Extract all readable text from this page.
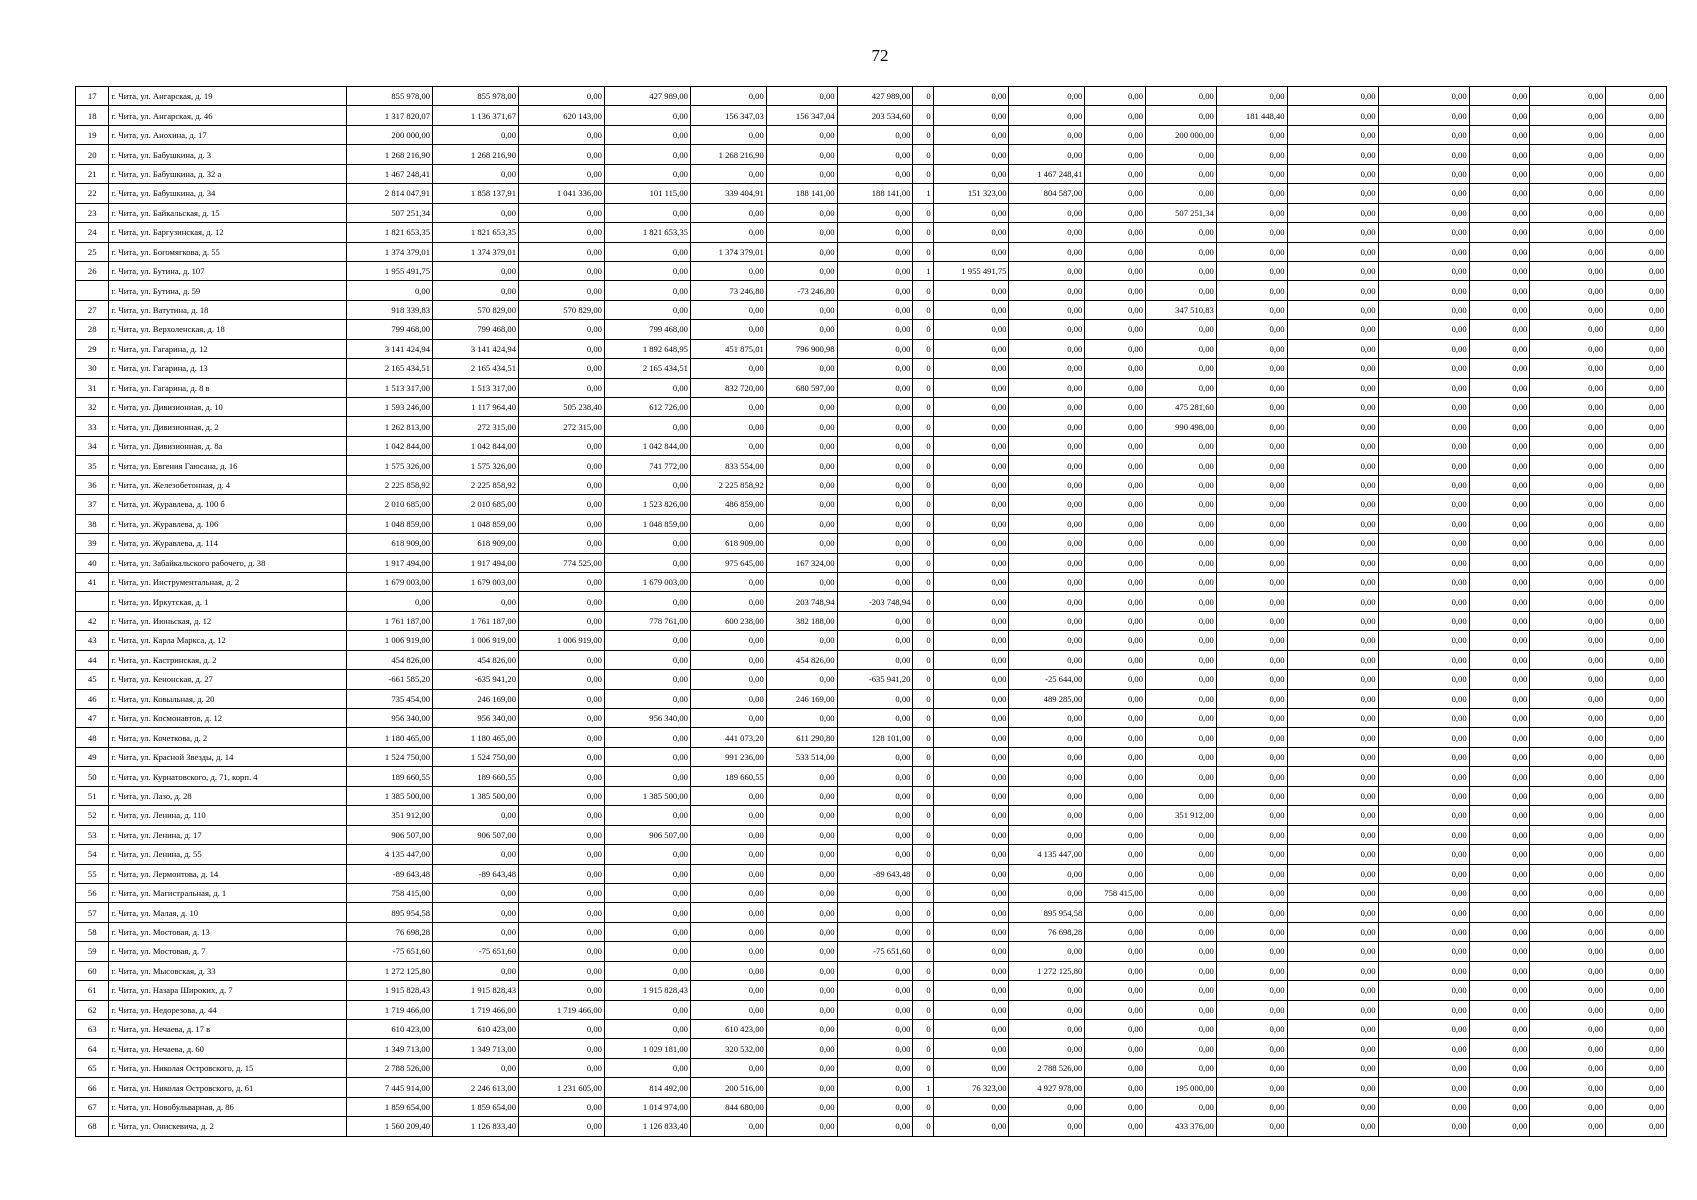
72
17	г. Чита, ул. Ангарская, д. 19	855 978,00	855 978,00	0,00	427 989,00	0,00	0,00	427 989,00	0	0,00	0,00	0,00	0,00	0,00	0,00	0,00	0,00	0,00	0,00
18	г. Чита, ул. Ангарская, д. 46	1 317 820,07	1 136 371,67	620 143,00	0,00	156 347,03	156 347,04	203 534,60	0	0,00	0,00	0,00	0,00	181 448,40	0,00	0,00	0,00	0,00	0,00
19	г. Чита, ул. Анохина, д. 17	200 000,00	0,00	0,00	0,00	0,00	0,00	0,00	0	0,00	0,00	0,00	200 000,00	0,00	0,00	0,00	0,00	0,00	0,00
20	г. Чита, ул. Бабушкина, д. 3	1 268 216,90	1 268 216,90	0,00	0,00	1 268 216,90	0,00	0,00	0	0,00	0,00	0,00	0,00	0,00	0,00	0,00	0,00	0,00	0,00
21	г. Чита, ул. Бабушкина, д. 32 а	1 467 248,41	0,00	0,00	0,00	0,00	0,00	0,00	0	0,00	1 467 248,41	0,00	0,00	0,00	0,00	0,00	0,00	0,00	0,00
22	г. Чита, ул. Бабушкина, д. 34	2 814 047,91	1 858 137,91	1 041 336,00	101 115,00	339 404,91	188 141,00	188 141,00	1	151 323,00	804 587,00	0,00	0,00	0,00	0,00	0,00	0,00	0,00	0,00
23	г. Чита, ул. Байкальская, д. 15	507 251,34	0,00	0,00	0,00	0,00	0,00	0,00	0	0,00	0,00	0,00	507 251,34	0,00	0,00	0,00	0,00	0,00	0,00
24	г. Чита, ул. Баргузинская, д. 12	1 821 653,35	1 821 653,35	0,00	1 821 653,35	0,00	0,00	0,00	0	0,00	0,00	0,00	0,00	0,00	0,00	0,00	0,00	0,00	0,00
25	г. Чита, ул. Богомягкова, д. 55	1 374 379,01	1 374 379,01	0,00	0,00	1 374 379,01	0,00	0,00	0	0,00	0,00	0,00	0,00	0,00	0,00	0,00	0,00	0,00	0,00
26	г. Чита, ул. Бутина, д. 107	1 955 491,75	0,00	0,00	0,00	0,00	0,00	0,00	1	1 955 491,75	0,00	0,00	0,00	0,00	0,00	0,00	0,00	0,00	0,00
	г. Чита, ул. Бутина, д. 59	0,00	0,00	0,00	0,00	73 246,80	-73 246,80	0,00	0	0,00	0,00	0,00	0,00	0,00	0,00	0,00	0,00	0,00	0,00
27	г. Чита, ул. Ватутина, д. 18	918 339,83	570 829,00	570 829,00	0,00	0,00	0,00	0,00	0	0,00	0,00	0,00	347 510,83	0,00	0,00	0,00	0,00	0,00	0,00
28	г. Чита, ул. Верхоленская, д. 18	799 468,00	799 468,00	0,00	799 468,00	0,00	0,00	0,00	0	0,00	0,00	0,00	0,00	0,00	0,00	0,00	0,00	0,00	0,00
29	г. Чита, ул. Гагарина, д. 12	3 141 424,94	3 141 424,94	0,00	1 892 648,95	451 875,01	796 900,98	0,00	0	0,00	0,00	0,00	0,00	0,00	0,00	0,00	0,00	0,00	0,00
30	г. Чита, ул. Гагарина, д. 13	2 165 434,51	2 165 434,51	0,00	2 165 434,51	0,00	0,00	0,00	0	0,00	0,00	0,00	0,00	0,00	0,00	0,00	0,00	0,00	0,00
31	г. Чита, ул. Гагарина, д. 8 в	1 513 317,00	1 513 317,00	0,00	0,00	832 720,00	680 597,00	0,00	0	0,00	0,00	0,00	0,00	0,00	0,00	0,00	0,00	0,00	0,00
32	г. Чита, ул. Дивизионная, д. 10	1 593 246,00	1 117 964,40	505 238,40	612 726,00	0,00	0,00	0,00	0	0,00	0,00	0,00	475 281,60	0,00	0,00	0,00	0,00	0,00	0,00
33	г. Чита, ул. Дивизионная, д. 2	1 262 813,00	272 315,00	272 315,00	0,00	0,00	0,00	0,00	0	0,00	0,00	0,00	990 498,00	0,00	0,00	0,00	0,00	0,00	0,00
34	г. Чита, ул. Дивизионная, д. 8а	1 042 844,00	1 042 844,00	0,00	1 042 844,00	0,00	0,00	0,00	0	0,00	0,00	0,00	0,00	0,00	0,00	0,00	0,00	0,00	0,00
35	г. Чита, ул. Евгения Гаюсана, д. 16	1 575 326,00	1 575 326,00	0,00	741 772,00	833 554,00	0,00	0,00	0	0,00	0,00	0,00	0,00	0,00	0,00	0,00	0,00	0,00	0,00
36	г. Чита, ул. Железобетонная, д. 4	2 225 858,92	2 225 858,92	0,00	0,00	2 225 858,92	0,00	0,00	0	0,00	0,00	0,00	0,00	0,00	0,00	0,00	0,00	0,00	0,00
37	г. Чита, ул. Журавлева, д. 100 б	2 010 685,00	2 010 685,00	0,00	1 523 826,00	486 859,00	0,00	0,00	0	0,00	0,00	0,00	0,00	0,00	0,00	0,00	0,00	0,00	0,00
38	г. Чита, ул. Журавлева, д. 106	1 048 859,00	1 048 859,00	0,00	1 048 859,00	0,00	0,00	0,00	0	0,00	0,00	0,00	0,00	0,00	0,00	0,00	0,00	0,00	0,00
39	г. Чита, ул. Журавлева, д. 114	618 909,00	618 909,00	0,00	0,00	618 909,00	0,00	0,00	0	0,00	0,00	0,00	0,00	0,00	0,00	0,00	0,00	0,00	0,00
40	г. Чита, ул. Забайкальского рабочего, д. 38	1 917 494,00	1 917 494,00	774 525,00	0,00	975 645,00	167 324,00	0,00	0	0,00	0,00	0,00	0,00	0,00	0,00	0,00	0,00	0,00	0,00
41	г. Чита, ул. Инструментальная, д. 2	1 679 003,00	1 679 003,00	0,00	1 679 003,00	0,00	0,00	0,00	0	0,00	0,00	0,00	0,00	0,00	0,00	0,00	0,00	0,00	0,00
	г. Чита, ул. Иркутская, д. 1	0,00	0,00	0,00	0,00	0,00	203 748,94	-203 748,94	0	0,00	0,00	0,00	0,00	0,00	0,00	0,00	0,00	0,00	0,00
42	г. Чита, ул. Июньская, д. 12	1 761 187,00	1 761 187,00	0,00	778 761,00	600 238,00	382 188,00	0,00	0	0,00	0,00	0,00	0,00	0,00	0,00	0,00	0,00	0,00	0,00
43	г. Чита, ул. Карла Маркса, д. 12	1 006 919,00	1 006 919,00	1 006 919,00	0,00	0,00	0,00	0,00	0	0,00	0,00	0,00	0,00	0,00	0,00	0,00	0,00	0,00	0,00
44	г. Чита, ул. Кастринская, д. 2	454 826,00	454 826,00	0,00	0,00	0,00	454 826,00	0,00	0	0,00	0,00	0,00	0,00	0,00	0,00	0,00	0,00	0,00	0,00
45	г. Чита, ул. Кенонская, д. 27	-661 585,20	-635 941,20	0,00	0,00	0,00	0,00	-635 941,20	0	0,00	-25 644,00	0,00	0,00	0,00	0,00	0,00	0,00	0,00	0,00
46	г. Чита, ул. Ковыльная, д. 20	735 454,00	246 169,00	0,00	0,00	0,00	246 169,00	0,00	0	0,00	489 285,00	0,00	0,00	0,00	0,00	0,00	0,00	0,00	0,00
47	г. Чита, ул. Космонавтов, д. 12	956 340,00	956 340,00	0,00	956 340,00	0,00	0,00	0,00	0	0,00	0,00	0,00	0,00	0,00	0,00	0,00	0,00	0,00	0,00
48	г. Чита, ул. Кочеткова, д. 2	1 180 465,00	1 180 465,00	0,00	0,00	441 073,20	611 290,80	128 101,00	0	0,00	0,00	0,00	0,00	0,00	0,00	0,00	0,00	0,00	0,00
49	г. Чита, ул. Красной Звезды, д. 14	1 524 750,00	1 524 750,00	0,00	0,00	991 236,00	533 514,00	0,00	0	0,00	0,00	0,00	0,00	0,00	0,00	0,00	0,00	0,00	0,00
50	г. Чита, ул. Курнатовского, д. 71, корп. 4	189 660,55	189 660,55	0,00	0,00	189 660,55	0,00	0,00	0	0,00	0,00	0,00	0,00	0,00	0,00	0,00	0,00	0,00	0,00
51	г. Чита, ул. Лазо, д. 28	1 385 500,00	1 385 500,00	0,00	1 385 500,00	0,00	0,00	0,00	0	0,00	0,00	0,00	0,00	0,00	0,00	0,00	0,00	0,00	0,00
52	г. Чита, ул. Ленина, д. 110	351 912,00	0,00	0,00	0,00	0,00	0,00	0,00	0	0,00	0,00	0,00	351 912,00	0,00	0,00	0,00	0,00	0,00	0,00
53	г. Чита, ул. Ленина, д. 17	906 507,00	906 507,00	0,00	906 507,00	0,00	0,00	0,00	0	0,00	0,00	0,00	0,00	0,00	0,00	0,00	0,00	0,00	0,00
54	г. Чита, ул. Ленина, д. 55	4 135 447,00	0,00	0,00	0,00	0,00	0,00	0,00	0	0,00	4 135 447,00	0,00	0,00	0,00	0,00	0,00	0,00	0,00	0,00
55	г. Чита, ул. Лермонтова, д. 14	-89 643,48	-89 643,48	0,00	0,00	0,00	0,00	-89 643,48	0	0,00	0,00	0,00	0,00	0,00	0,00	0,00	0,00	0,00	0,00
56	г. Чита, ул. Магистральная, д. 1	758 415,00	0,00	0,00	0,00	0,00	0,00	0,00	0	0,00	0,00	758 415,00	0,00	0,00	0,00	0,00	0,00	0,00	0,00
57	г. Чита, ул. Малая, д. 10	895 954,58	0,00	0,00	0,00	0,00	0,00	0,00	0	0,00	895 954,58	0,00	0,00	0,00	0,00	0,00	0,00	0,00	0,00
58	г. Чита, ул. Мостовая, д. 13	76 698,28	0,00	0,00	0,00	0,00	0,00	0,00	0	0,00	76 698,28	0,00	0,00	0,00	0,00	0,00	0,00	0,00	0,00
59	г. Чита, ул. Мостовая, д. 7	-75 651,60	-75 651,60	0,00	0,00	0,00	0,00	-75 651,60	0	0,00	0,00	0,00	0,00	0,00	0,00	0,00	0,00	0,00	0,00
60	г. Чита, ул. Мысовская, д. 33	1 272 125,80	0,00	0,00	0,00	0,00	0,00	0,00	0	0,00	1 272 125,80	0,00	0,00	0,00	0,00	0,00	0,00	0,00	0,00
61	г. Чита, ул. Назара Широких, д. 7	1 915 828,43	1 915 828,43	0,00	1 915 828,43	0,00	0,00	0,00	0	0,00	0,00	0,00	0,00	0,00	0,00	0,00	0,00	0,00	0,00
62	г. Чита, ул. Недорезова, д. 44	1 719 466,00	1 719 466,00	1 719 466,00	0,00	0,00	0,00	0,00	0	0,00	0,00	0,00	0,00	0,00	0,00	0,00	0,00	0,00	0,00
63	г. Чита, ул. Нечаева, д. 17 в	610 423,00	610 423,00	0,00	0,00	610 423,00	0,00	0,00	0	0,00	0,00	0,00	0,00	0,00	0,00	0,00	0,00	0,00	0,00
64	г. Чита, ул. Нечаева, д. 60	1 349 713,00	1 349 713,00	0,00	1 029 181,00	320 532,00	0,00	0,00	0	0,00	0,00	0,00	0,00	0,00	0,00	0,00	0,00	0,00	0,00
65	г. Чита, ул. Николая Островского, д. 15	2 788 526,00	0,00	0,00	0,00	0,00	0,00	0,00	0	0,00	2 788 526,00	0,00	0,00	0,00	0,00	0,00	0,00	0,00	0,00
66	г. Чита, ул. Николая Островского, д. 61	7 445 914,00	2 246 613,00	1 231 605,00	814 492,00	200 516,00	0,00	0,00	1	76 323,00	4 927 978,00	0,00	195 000,00	0,00	0,00	0,00	0,00	0,00	0,00
67	г. Чита, ул. Новобульварная, д. 86	1 859 654,00	1 859 654,00	0,00	1 014 974,00	844 680,00	0,00	0,00	0	0,00	0,00	0,00	0,00	0,00	0,00	0,00	0,00	0,00	0,00
68	г. Чита, ул. Онискевича, д. 2	1 560 209,40	1 126 833,40	0,00	1 126 833,40	0,00	0,00	0,00	0	0,00	0,00	0,00	433 376,00	0,00	0,00	0,00	0,00	0,00	0,00
